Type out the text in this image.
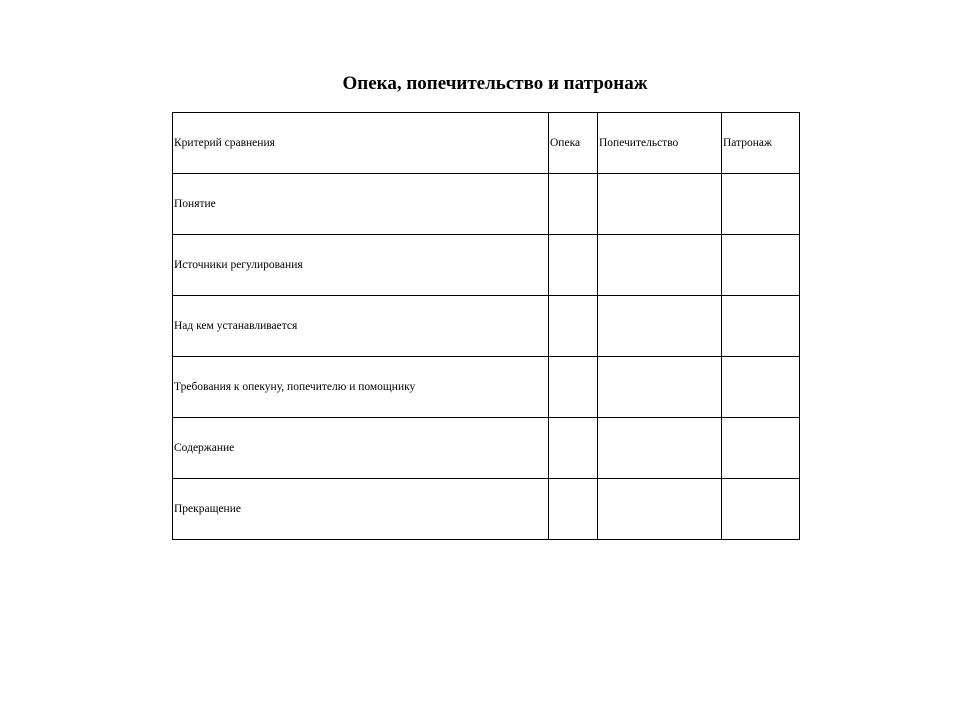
Опека, попечительство и патронаж
Критерий сравнения	Опека	Попечительство	Патронаж
Понятие			
Источники регулирования			
Над кем устанавливается			
Требования к опекуну, попечителю и помощнику			
Содержание			
Прекращение			
